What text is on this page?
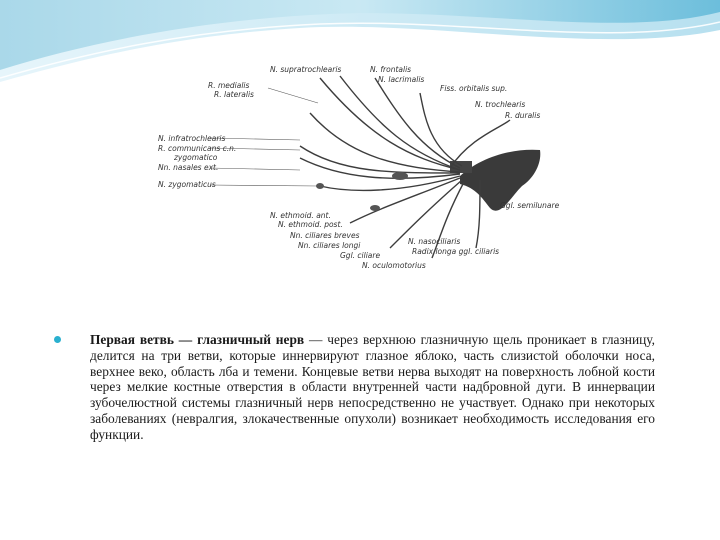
N. supratrochlearis	N. frontalis
N. lacrimalis
Fiss. orbitalis sup.
R. medialis
R. lateralis
N. trochlearis
R. duralis
N. infratrochlearis
R. communicans c.n.
zygomatico
Nn. nasales ext.
N. zygomaticus
N. ethmoid. ant.
N. ethmoid. post.
Nn. ciliares breves
Nn. ciliares longi
Ggl. ciliare
N. oculomotorius
N. nasociliaris
Radix longa ggl. ciliaris
Ggl. semilunare

Первая ветвь — глазничный нерв — через верхнюю глазничную щель проникает в глазницу, делится на три ветви, которые иннервируют глазное яблоко, часть слизистой оболочки носа, верхнее веко, область лба и темени. Концевые ветви нерва выходят на поверхность лобной кости через мелкие костные отверстия в области внутренней части надбровной дуги. В иннервации зубочелюстной системы глазничный нерв непосредственно не участвует. Однако при некоторых заболеваниях (невралгия, злокачественные опухоли) возникает необходимость исследования его функции.
